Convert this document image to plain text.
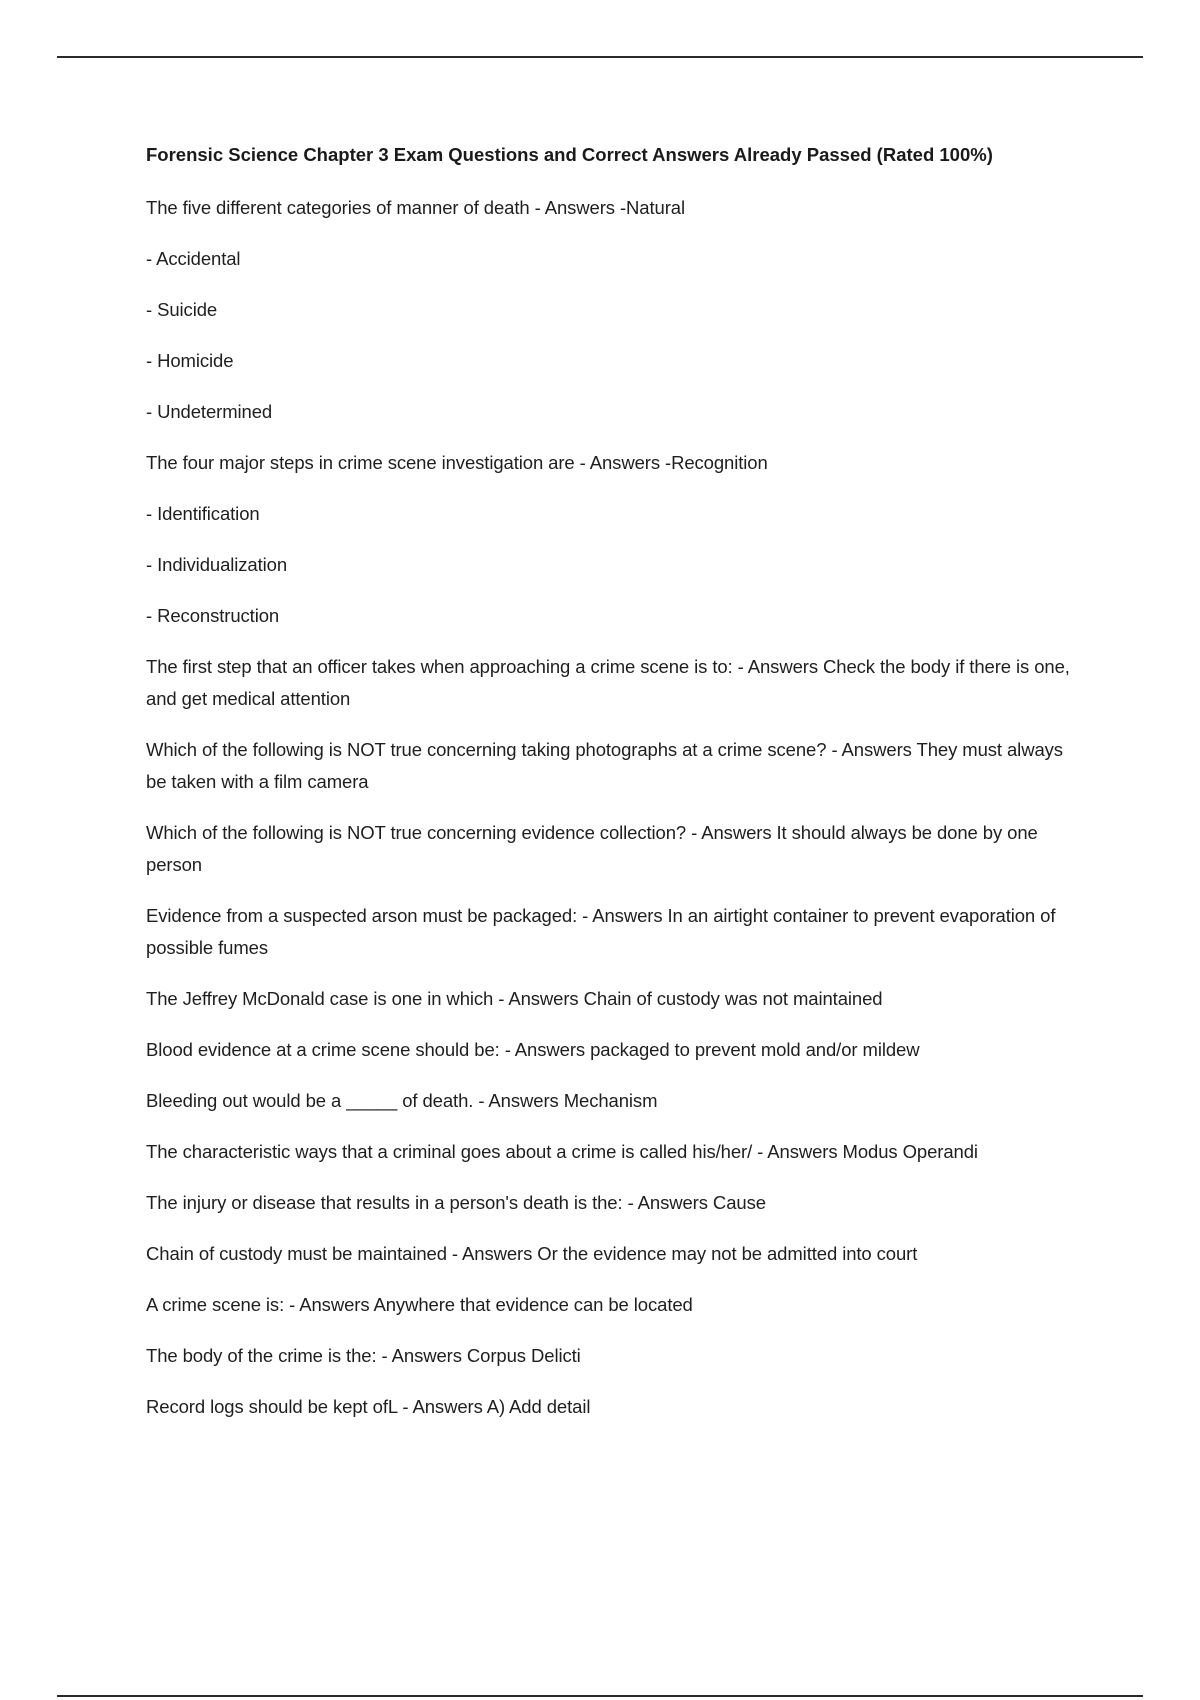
Forensic Science Chapter 3 Exam Questions and Correct Answers Already Passed (Rated 100%)
The five different categories of manner of death - Answers -Natural
- Accidental
- Suicide
- Homicide
- Undetermined
The four major steps in crime scene investigation are - Answers -Recognition
- Identification
- Individualization
- Reconstruction
The first step that an officer takes when approaching a crime scene is to: - Answers Check the body if there is one, and get medical attention
Which of the following is NOT true concerning taking photographs at a crime scene? - Answers They must always be taken with a film camera
Which of the following is NOT true concerning evidence collection? - Answers It should always be done by one person
Evidence from a suspected arson must be packaged: - Answers In an airtight container to prevent evaporation of possible fumes
The Jeffrey McDonald case is one in which - Answers Chain of custody was not maintained
Blood evidence at a crime scene should be: - Answers packaged to prevent mold and/or mildew
Bleeding out would be a _____ of death. - Answers Mechanism
The characteristic ways that a criminal goes about a crime is called his/her/ - Answers Modus Operandi
The injury or disease that results in a person's death is the: - Answers Cause
Chain of custody must be maintained - Answers Or the evidence may not be admitted into court
A crime scene is: - Answers Anywhere that evidence can be located
The body of the crime is the: - Answers Corpus Delicti
Record logs should be kept ofL - Answers A) Add detail
